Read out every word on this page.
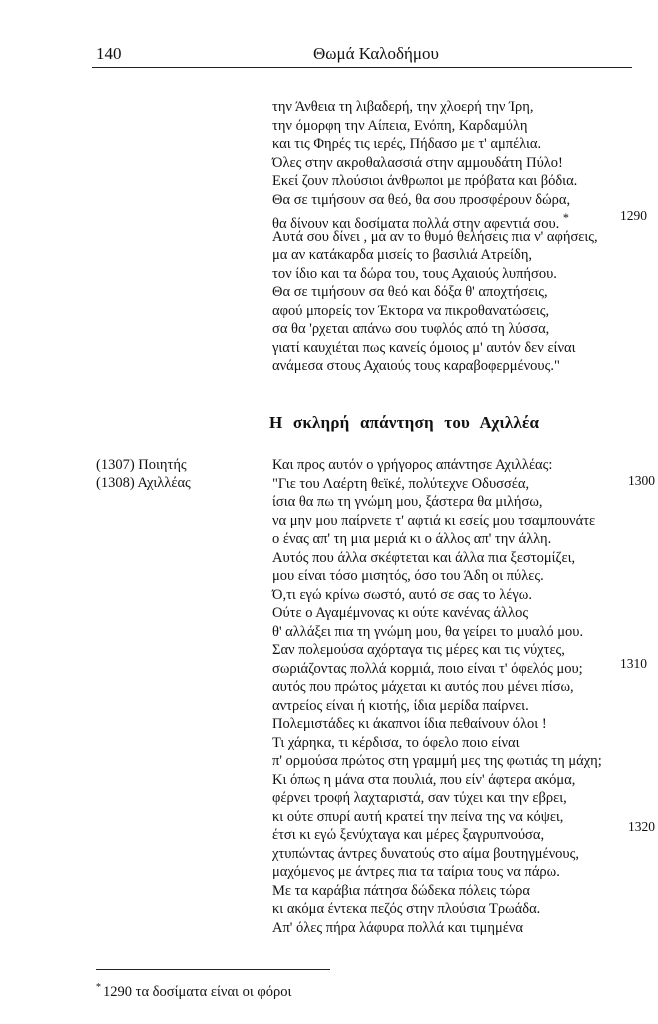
140	Θωμά Καλοδήμου
την Άνθεια τη λιβαδερή, την χλοερή την Ίρη,
την όμορφη την Αίπεια, Ενόπη, Καρδαμύλη
και τις Φηρές τις ιερές, Πήδασο με τ' αμπέλια.
Όλες στην ακροθαλασσιά στην αμμουδάτη Πύλο!
Εκεί ζουν πλούσιοι άνθρωποι με πρόβατα και βόδια.
Θα σε τιμήσουν σα θεό, θα σου προσφέρουν δώρα,
θα δίνουν και δοσίματα πολλά στην αφεντιά σου. *
Αυτά σου δίνει , μα αν το θυμό θελήσεις πια ν' αφήσεις,
μα αν κατάκαρδα μισείς το βασιλιά Ατρείδη,
τον ίδιο και τα δώρα του, τους Αχαιούς λυπήσου.
Θα σε τιμήσουν σα θεό και δόξα θ' αποχτήσεις,
αφού μπορείς τον Έκτορα να πικροθανατώσεις,
σα θα 'ρχεται απάνω σου τυφλός από τη λύσσα,
γιατί καυχιέται πως κανείς όμοιος μ' αυτόν δεν είναι
ανάμεσα στους Αχαιούς τους καραβοφερμένους."
1290
Η σκληρή απάντηση του Αχιλλέα
(1307) Ποιητής
(1308) Αχιλλέας
Και προς αυτόν ο γρήγορος απάντησε Αχιλλέας:
"Γιε του Λαέρτη θεϊκέ, πολύτεχνε Οδυσσέα,
ίσια θα πω τη γνώμη μου, ξάστερα θα μιλήσω,
να μην μου παίρνετε τ' αφτιά κι εσείς μου τσαμπουνάτε
ο ένας απ' τη μια μεριά κι ο άλλος απ' την άλλη.
Αυτός που άλλα σκέφτεται και άλλα πια ξεστομίζει,
μου είναι τόσο μισητός, όσο του Άδη οι πύλες.
Ό,τι εγώ κρίνω σωστό, αυτό σε σας το λέγω.
Ούτε ο Αγαμέμνονας κι ούτε κανένας άλλος
θ' αλλάξει πια τη γνώμη μου, θα γείρει το μυαλό μου.
Σαν πολεμούσα αχόρταγα τις μέρες και τις νύχτες,
σωριάζοντας πολλά κορμιά, ποιο είναι τ' όφελός μου;
αυτός που πρώτος μάχεται κι αυτός που μένει πίσω,
αντρείος είναι ή κιοτής, ίδια μερίδα παίρνει.
Πολεμιστάδες κι άκαπνοι ίδια πεθαίνουν όλοι !
Τι χάρηκα, τι κέρδισα, το όφελο ποιο είναι
π' ορμούσα πρώτος στη γραμμή μες της φωτιάς τη μάχη;
Κι όπως η μάνα στα πουλιά, που είν' άφτερα ακόμα,
φέρνει τροφή λαχταριστά, σαν τύχει και την εβρει,
κι ούτε σπυρί αυτή κρατεί την πείνα της να κόψει,
έτσι κι εγώ ξενύχταγα και μέρες ξαγρυπνούσα,
χτυπώντας άντρες δυνατούς στο αίμα βουτηγμένους,
μαχόμενος με άντρες πια τα ταίρια τους να πάρω.
Με τα καράβια πάτησα δώδεκα πόλεις τώρα
κι ακόμα έντεκα πεζός στην πλούσια Τρωάδα.
Απ' όλες πήρα λάφυρα πολλά και τιμημένα
1300
1310
1320
* 1290 τα δοσίματα είναι οι φόροι
